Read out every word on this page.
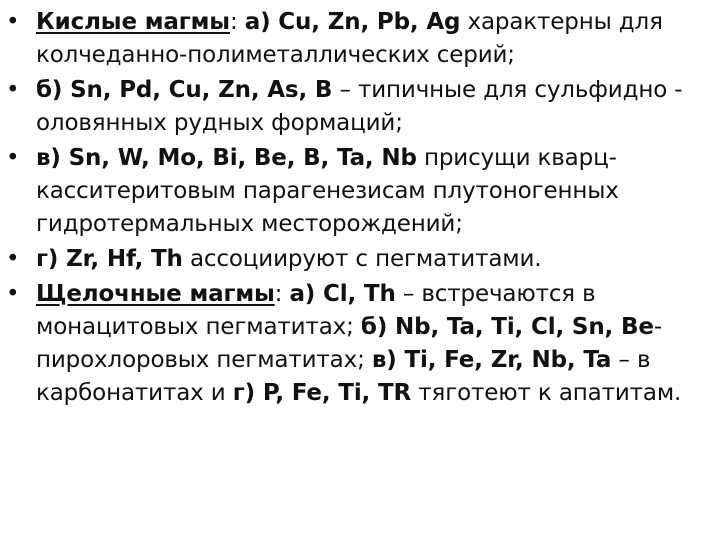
• Кислые магмы: а) Cu, Zn, Pb, Ag характерны для колчеданно-полиметаллических серий;
• б) Sn, Pd, Cu, Zn, As, B – типичные для сульфидно - оловянных рудных формаций;
• в) Sn, W, Mo, Bi, Be, B, Ta, Nb присущи кварц-касситеритовым парагенезисам плутоногенных гидротермальных месторождений;
• г) Zr, Hf, Th ассоциируют с пегматитами.
• Щелочные магмы: а) Cl, Th – встречаются в монацитовых пегматитах; б) Nb, Ta, Ti, Cl, Sn, Be-пирохлоровых пегматитах; в) Ti, Fe, Zr, Nb, Ta – в карбонатитах и г) P, Fe, Ti, TR тяготеют к апатитам.
